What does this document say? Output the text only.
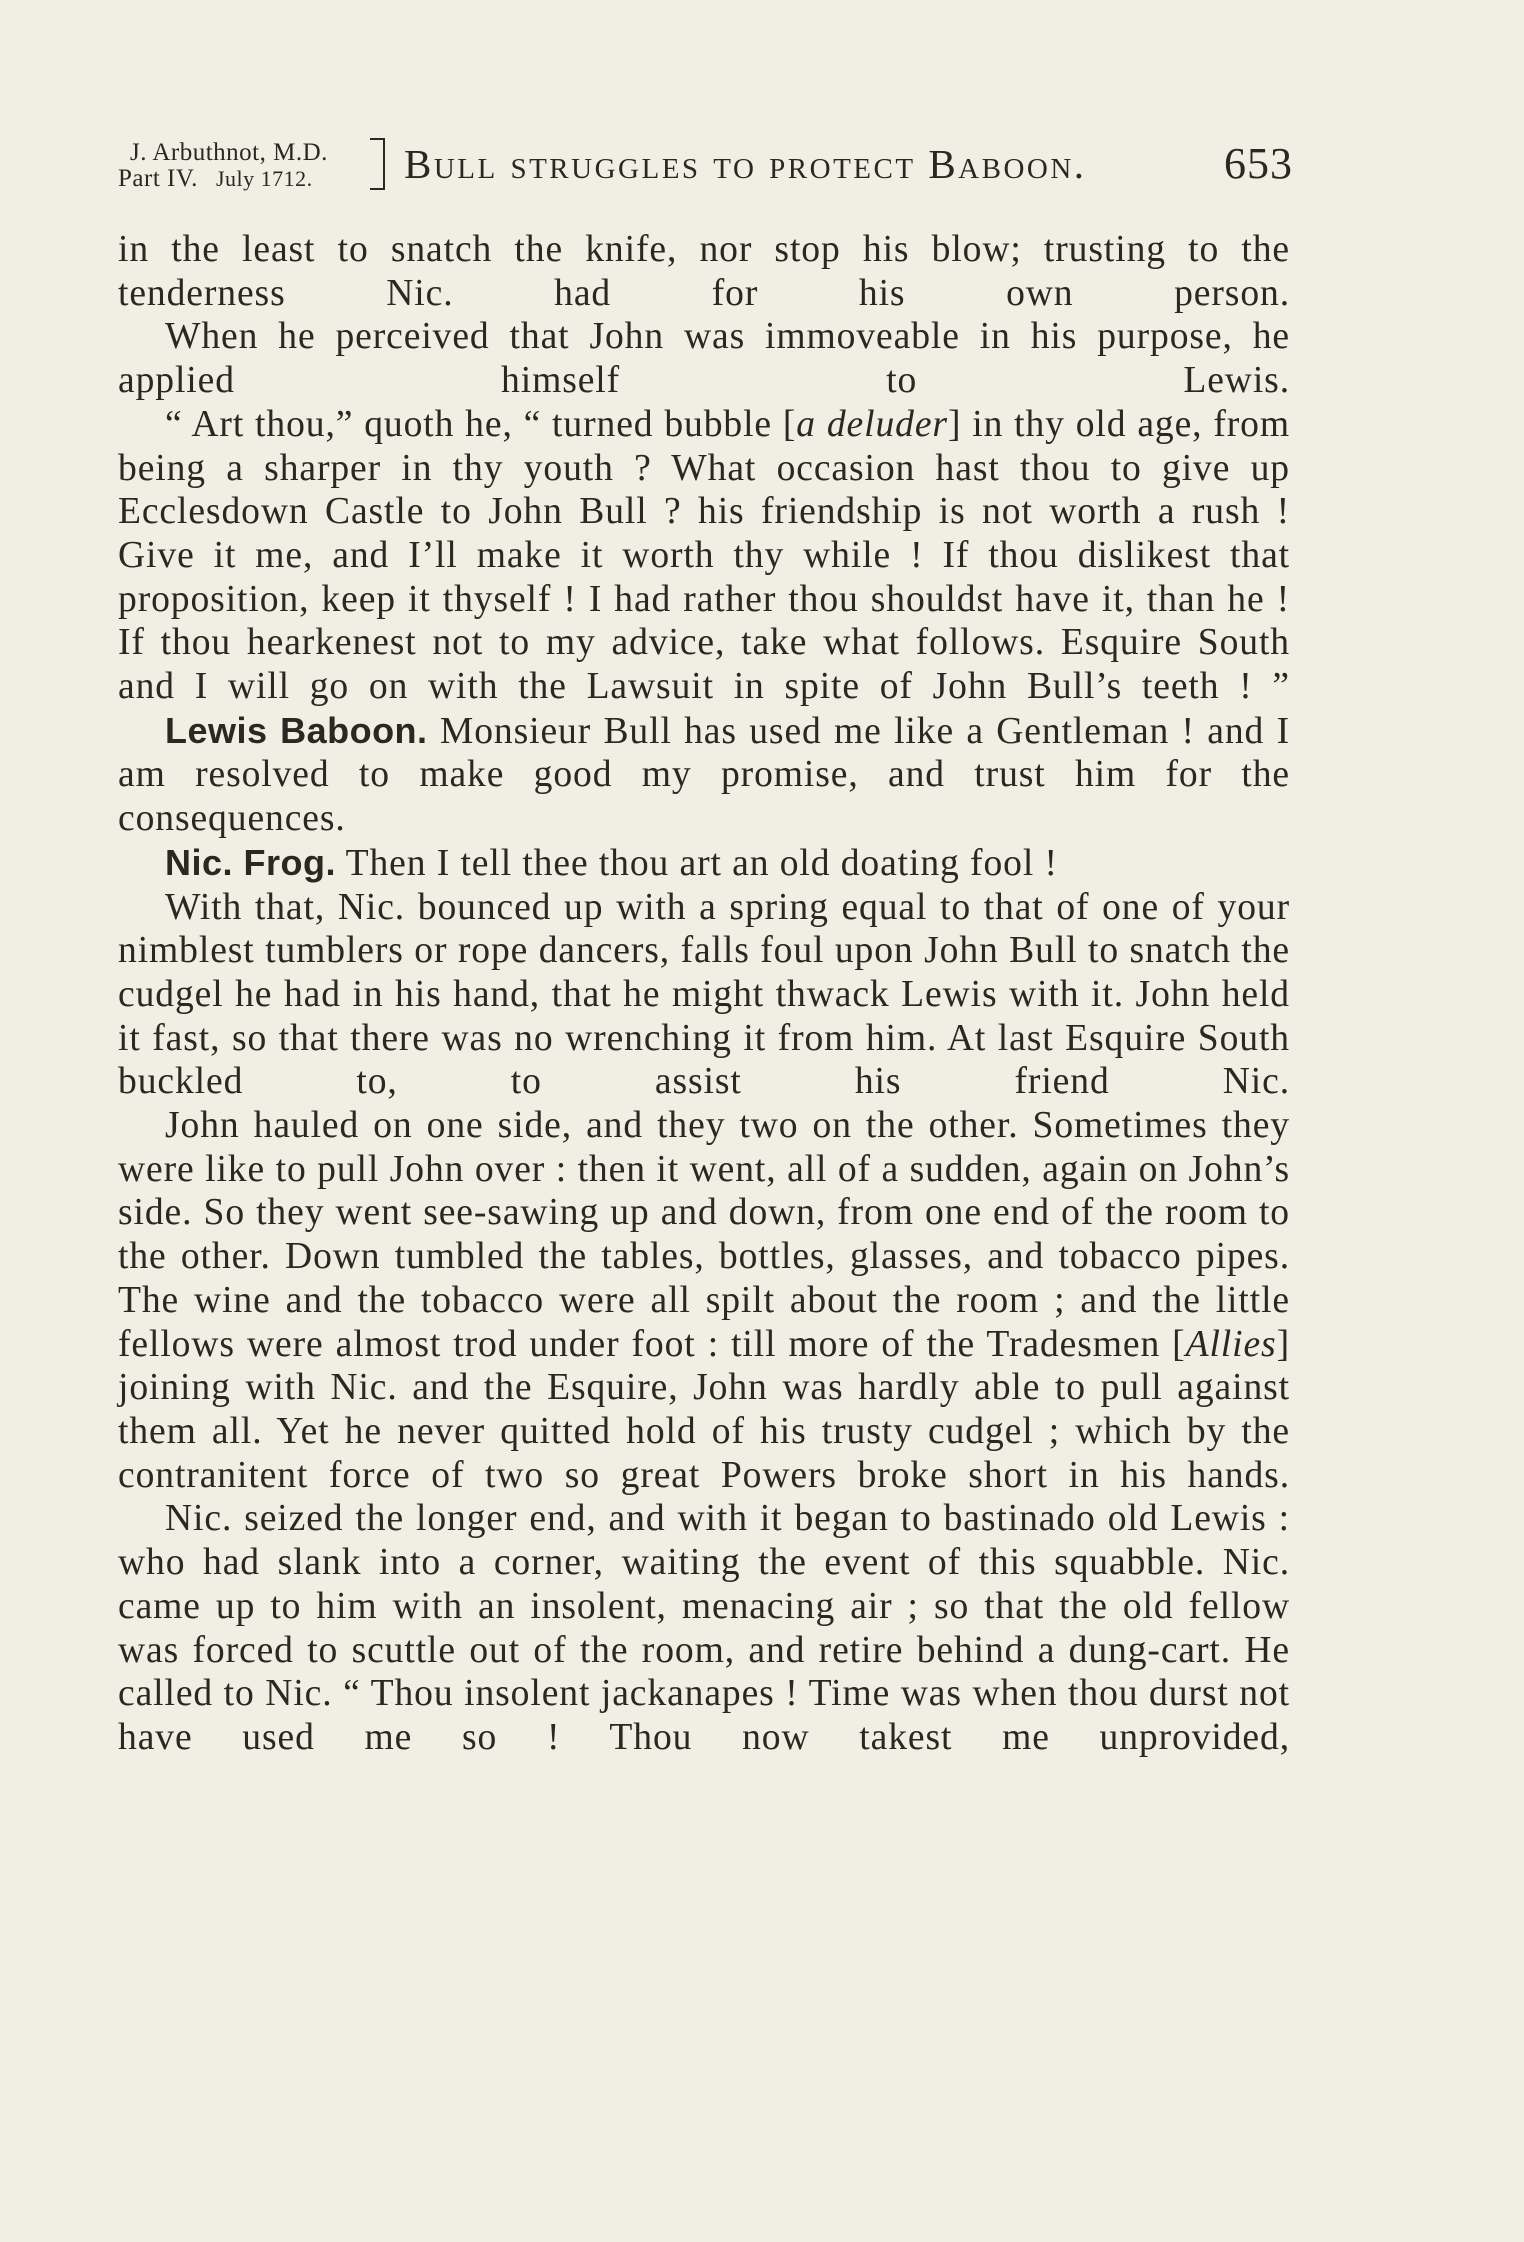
J. Arbuthnot, M.D.
Part IV. July 1712.	Bull struggles to protect Baboon.	653

in the least to snatch the knife, nor stop his blow; trusting to the tenderness Nic. had for his own person.

When he perceived that John was immoveable in his purpose, he applied himself to Lewis.

“ Art thou,” quoth he, “ turned bubble [a deluder] in thy old age, from being a sharper in thy youth ? What occasion hast thou to give up Ecclesdown Castle to John Bull ? his friendship is not worth a rush ! Give it me, and I’ll make it worth thy while ! If thou dislikest that proposition, keep it thyself ! I had rather thou shouldst have it, than he ! If thou hearkenest not to my advice, take what follows. Esquire South and I will go on with the Lawsuit in spite of John Bull’s teeth ! ”

Lewis Baboon. Monsieur Bull has used me like a Gentleman ! and I am resolved to make good my promise, and trust him for the consequences.

Nic. Frog. Then I tell thee thou art an old doating fool !

With that, Nic. bounced up with a spring equal to that of one of your nimblest tumblers or rope dancers, falls foul upon John Bull to snatch the cudgel he had in his hand, that he might thwack Lewis with it. John held it fast, so that there was no wrenching it from him. At last Esquire South buckled to, to assist his friend Nic.

John hauled on one side, and they two on the other. Sometimes they were like to pull John over : then it went, all of a sudden, again on John’s side. So they went see-sawing up and down, from one end of the room to the other. Down tumbled the tables, bottles, glasses, and tobacco pipes. The wine and the tobacco were all spilt about the room ; and the little fellows were almost trod under foot : till more of the Tradesmen [Allies] joining with Nic. and the Esquire, John was hardly able to pull against them all. Yet he never quitted hold of his trusty cudgel ; which by the contranitent force of two so great Powers broke short in his hands.

Nic. seized the longer end, and with it began to bastinado old Lewis : who had slank into a corner, waiting the event of this squabble. Nic. came up to him with an insolent, menacing air ; so that the old fellow was forced to scuttle out of the room, and retire behind a dung-cart. He called to Nic. “ Thou insolent jackanapes ! Time was when thou durst not have used me so ! Thou now takest me unprovided,
